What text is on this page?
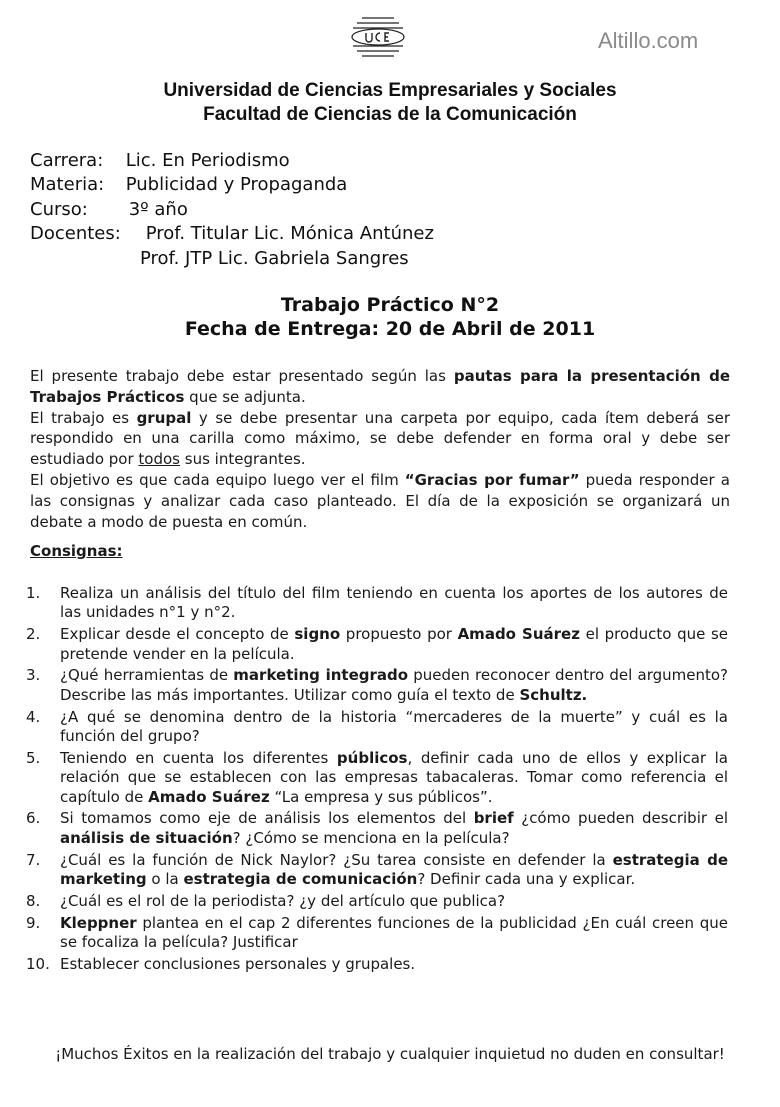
Altillo.com
Universidad de Ciencias Empresariales y Sociales
Facultad de Ciencias de la Comunicación
Carrera: Lic. En Periodismo
Materia: Publicidad y Propaganda
Curso: 3º año
Docentes: Prof. Titular Lic. Mónica Antúnez
Prof. JTP Lic. Gabriela Sangres
Trabajo Práctico N°2
Fecha de Entrega: 20 de Abril de 2011

El presente trabajo debe estar presentado según las pautas para la presentación de Trabajos Prácticos que se adjunta.

El trabajo es grupal y se debe presentar una carpeta por equipo, cada ítem deberá ser respondido en una carilla como máximo, se debe defender en forma oral y debe ser estudiado por todos sus integrantes.

El objetivo es que cada equipo luego ver el film “Gracias por fumar” pueda responder a las consignas y analizar cada caso planteado. El día de la exposición se organizará un debate a modo de puesta en común.

Consignas:
1.	Realiza un análisis del título del film teniendo en cuenta los aportes de los autores de las unidades n°1 y n°2.
2.	Explicar desde el concepto de signo propuesto por Amado Suárez el producto que se pretende vender en la película.
3.	¿Qué herramientas de marketing integrado pueden reconocer dentro del argumento? Describe las más importantes. Utilizar como guía el texto de Schultz.
4.	¿A qué se denomina dentro de la historia “mercaderes de la muerte” y cuál es la función del grupo?
5.	Teniendo en cuenta los diferentes públicos, definir cada uno de ellos y explicar la relación que se establecen con las empresas tabacaleras. Tomar como referencia el capítulo de Amado Suárez “La empresa y sus públicos”.
6.	Si tomamos como eje de análisis los elementos del brief ¿cómo pueden describir el análisis de situación? ¿Cómo se menciona en la película?
7.	¿Cuál es la función de Nick Naylor? ¿Su tarea consiste en defender la estrategia de marketing o la estrategia de comunicación? Definir cada una y explicar.
8.	¿Cuál es el rol de la periodista? ¿y del artículo que publica?
9.	Kleppner plantea en el cap 2 diferentes funciones de la publicidad ¿En cuál creen que se focaliza la película? Justificar
10. Establecer conclusiones personales y grupales.
¡Muchos Éxitos en la realización del trabajo y cualquier inquietud no duden en consultar!
